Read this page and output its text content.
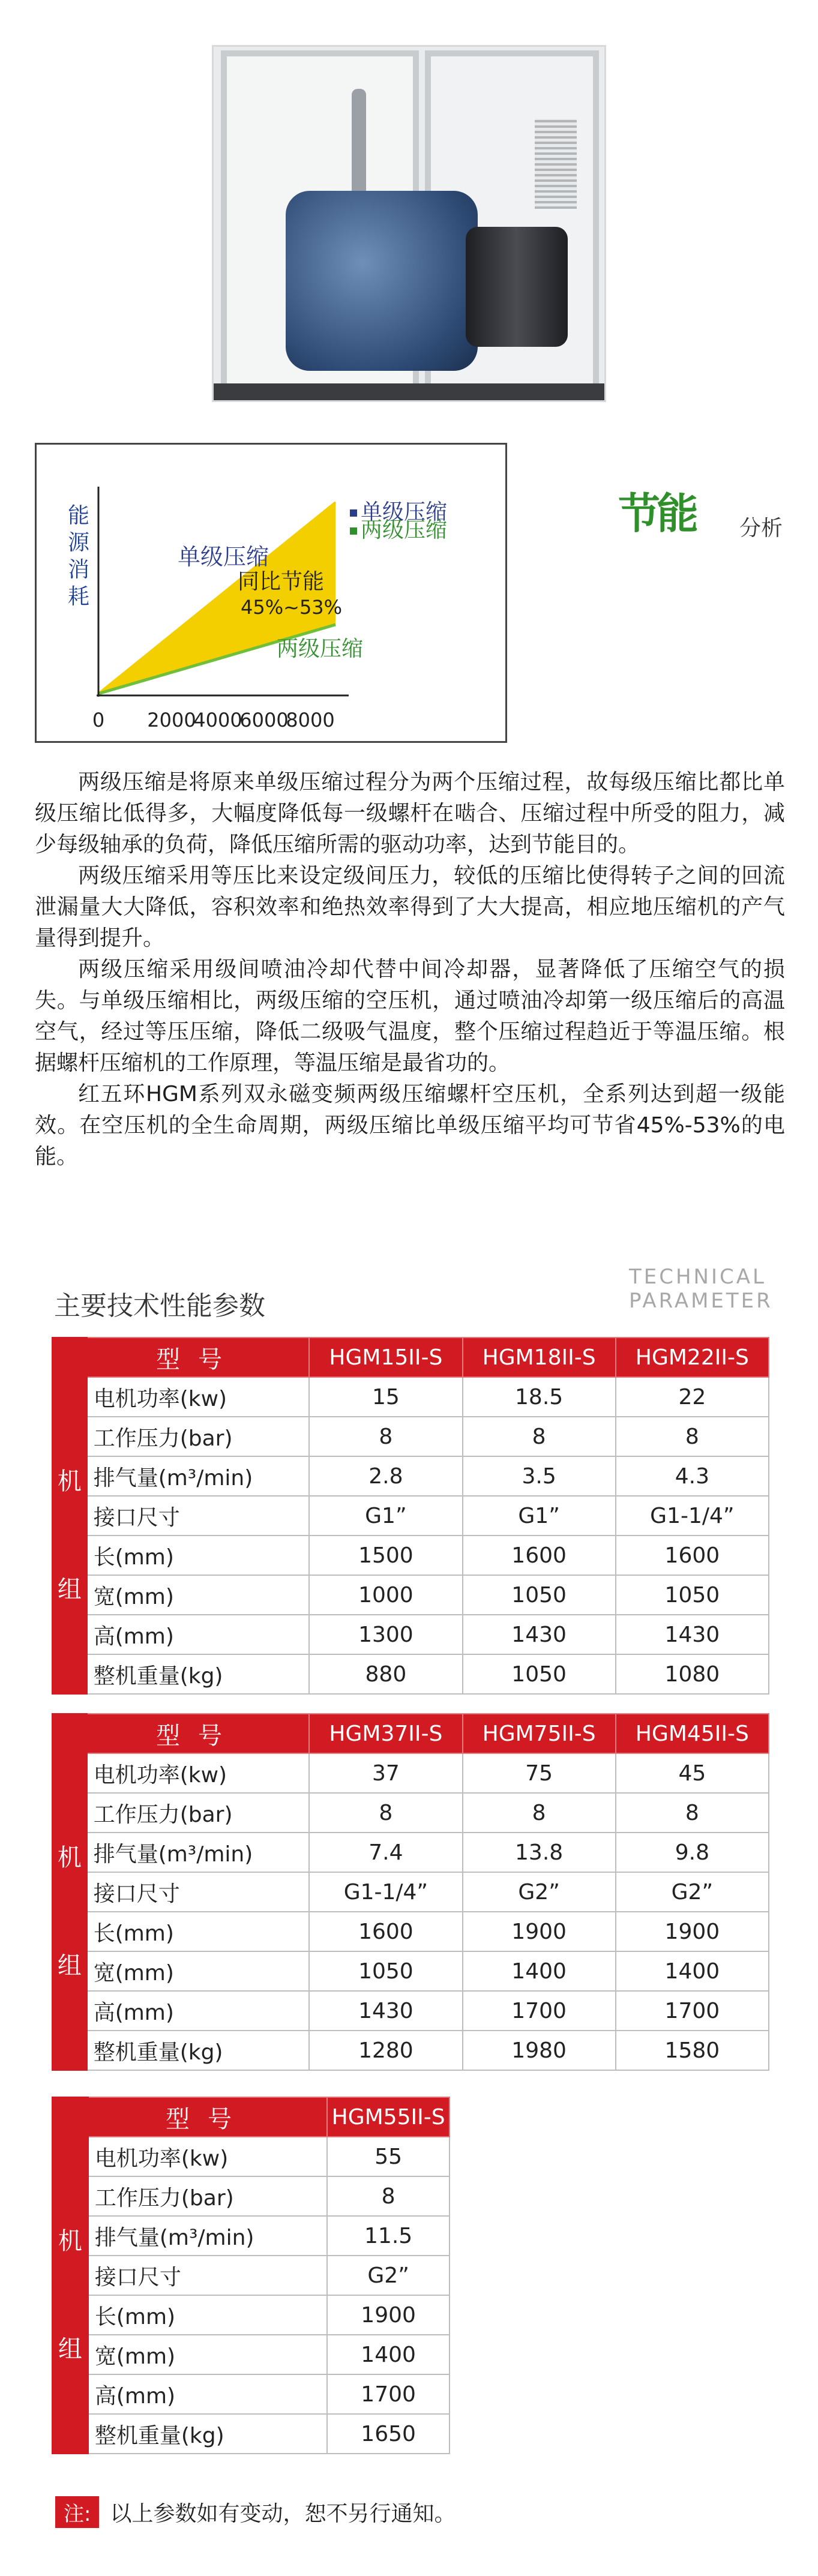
能
源
消
耗
0 2000
4000
6000
8000
单级压缩
同比节能
45%~53%
两级压缩
单级压缩
两级压缩	节能 分析

两级压缩是将原来单级压缩过程分为两个压缩过程，故每级压缩比都比单级压缩比低得多，大幅度降低每一级螺杆在啮合、压缩过程中所受的阻力，减少每级轴承的负荷，降低压缩所需的驱动功率，达到节能目的。

两级压缩采用等压比来设定级间压力，较低的压缩比使得转子之间的回流泄漏量大大降低，容积效率和绝热效率得到了大大提高，相应地压缩机的产气量得到提升。

两级压缩采用级间喷油冷却代替中间冷却器，显著降低了压缩空气的损失。与单级压缩相比，两级压缩的空压机，通过喷油冷却第一级压缩后的高温空气，经过等压压缩，降低二级吸气温度，整个压缩过程趋近于等温压缩。根据螺杆压缩机的工作原理，等温压缩是最省功的。

红五环HGM系列双永磁变频两级压缩螺杆空压机，全系列达到超一级能效。在空压机的全生命周期，两级压缩比单级压缩平均可节省45%-53%的电能。

主要技术性能参数
TECHNICAL
PARAMETER
	型号	HGM15II-S	HGM18II-S	HGM22II-S
机

组	电机功率(kw)	15	18.5	22
	工作压力(bar)	8	8	8
	排气量(m³/min)	2.8	3.5	4.3
	接口尺寸	G1”	G1”	G1-1/4”
	长(mm)	1500	1600	1600
	宽(mm)	1000	1050	1050
	高(mm)	1300	1430	1430
	整机重量(kg)	880	1050	1080
	型号	HGM37II-S	HGM75II-S	HGM45II-S
机

组	电机功率(kw)	37	75	45
	工作压力(bar)	8	8	8
	排气量(m³/min)	7.4	13.8	9.8
	接口尺寸	G1-1/4”	G2”	G2”
	长(mm)	1600	1900	1900
	宽(mm)	1050	1400	1400
	高(mm)	1430	1700	1700
	整机重量(kg)	1280	1980	1580
	型号	HGM55II-S
机

组	电机功率(kw)	55
	工作压力(bar)	8
	排气量(m³/min)	11.5
	接口尺寸	G2”
	长(mm)	1900
	宽(mm)	1400
	高(mm)	1700
	整机重量(kg)	1650
注: 以上参数如有变动，恕不另行通知。
